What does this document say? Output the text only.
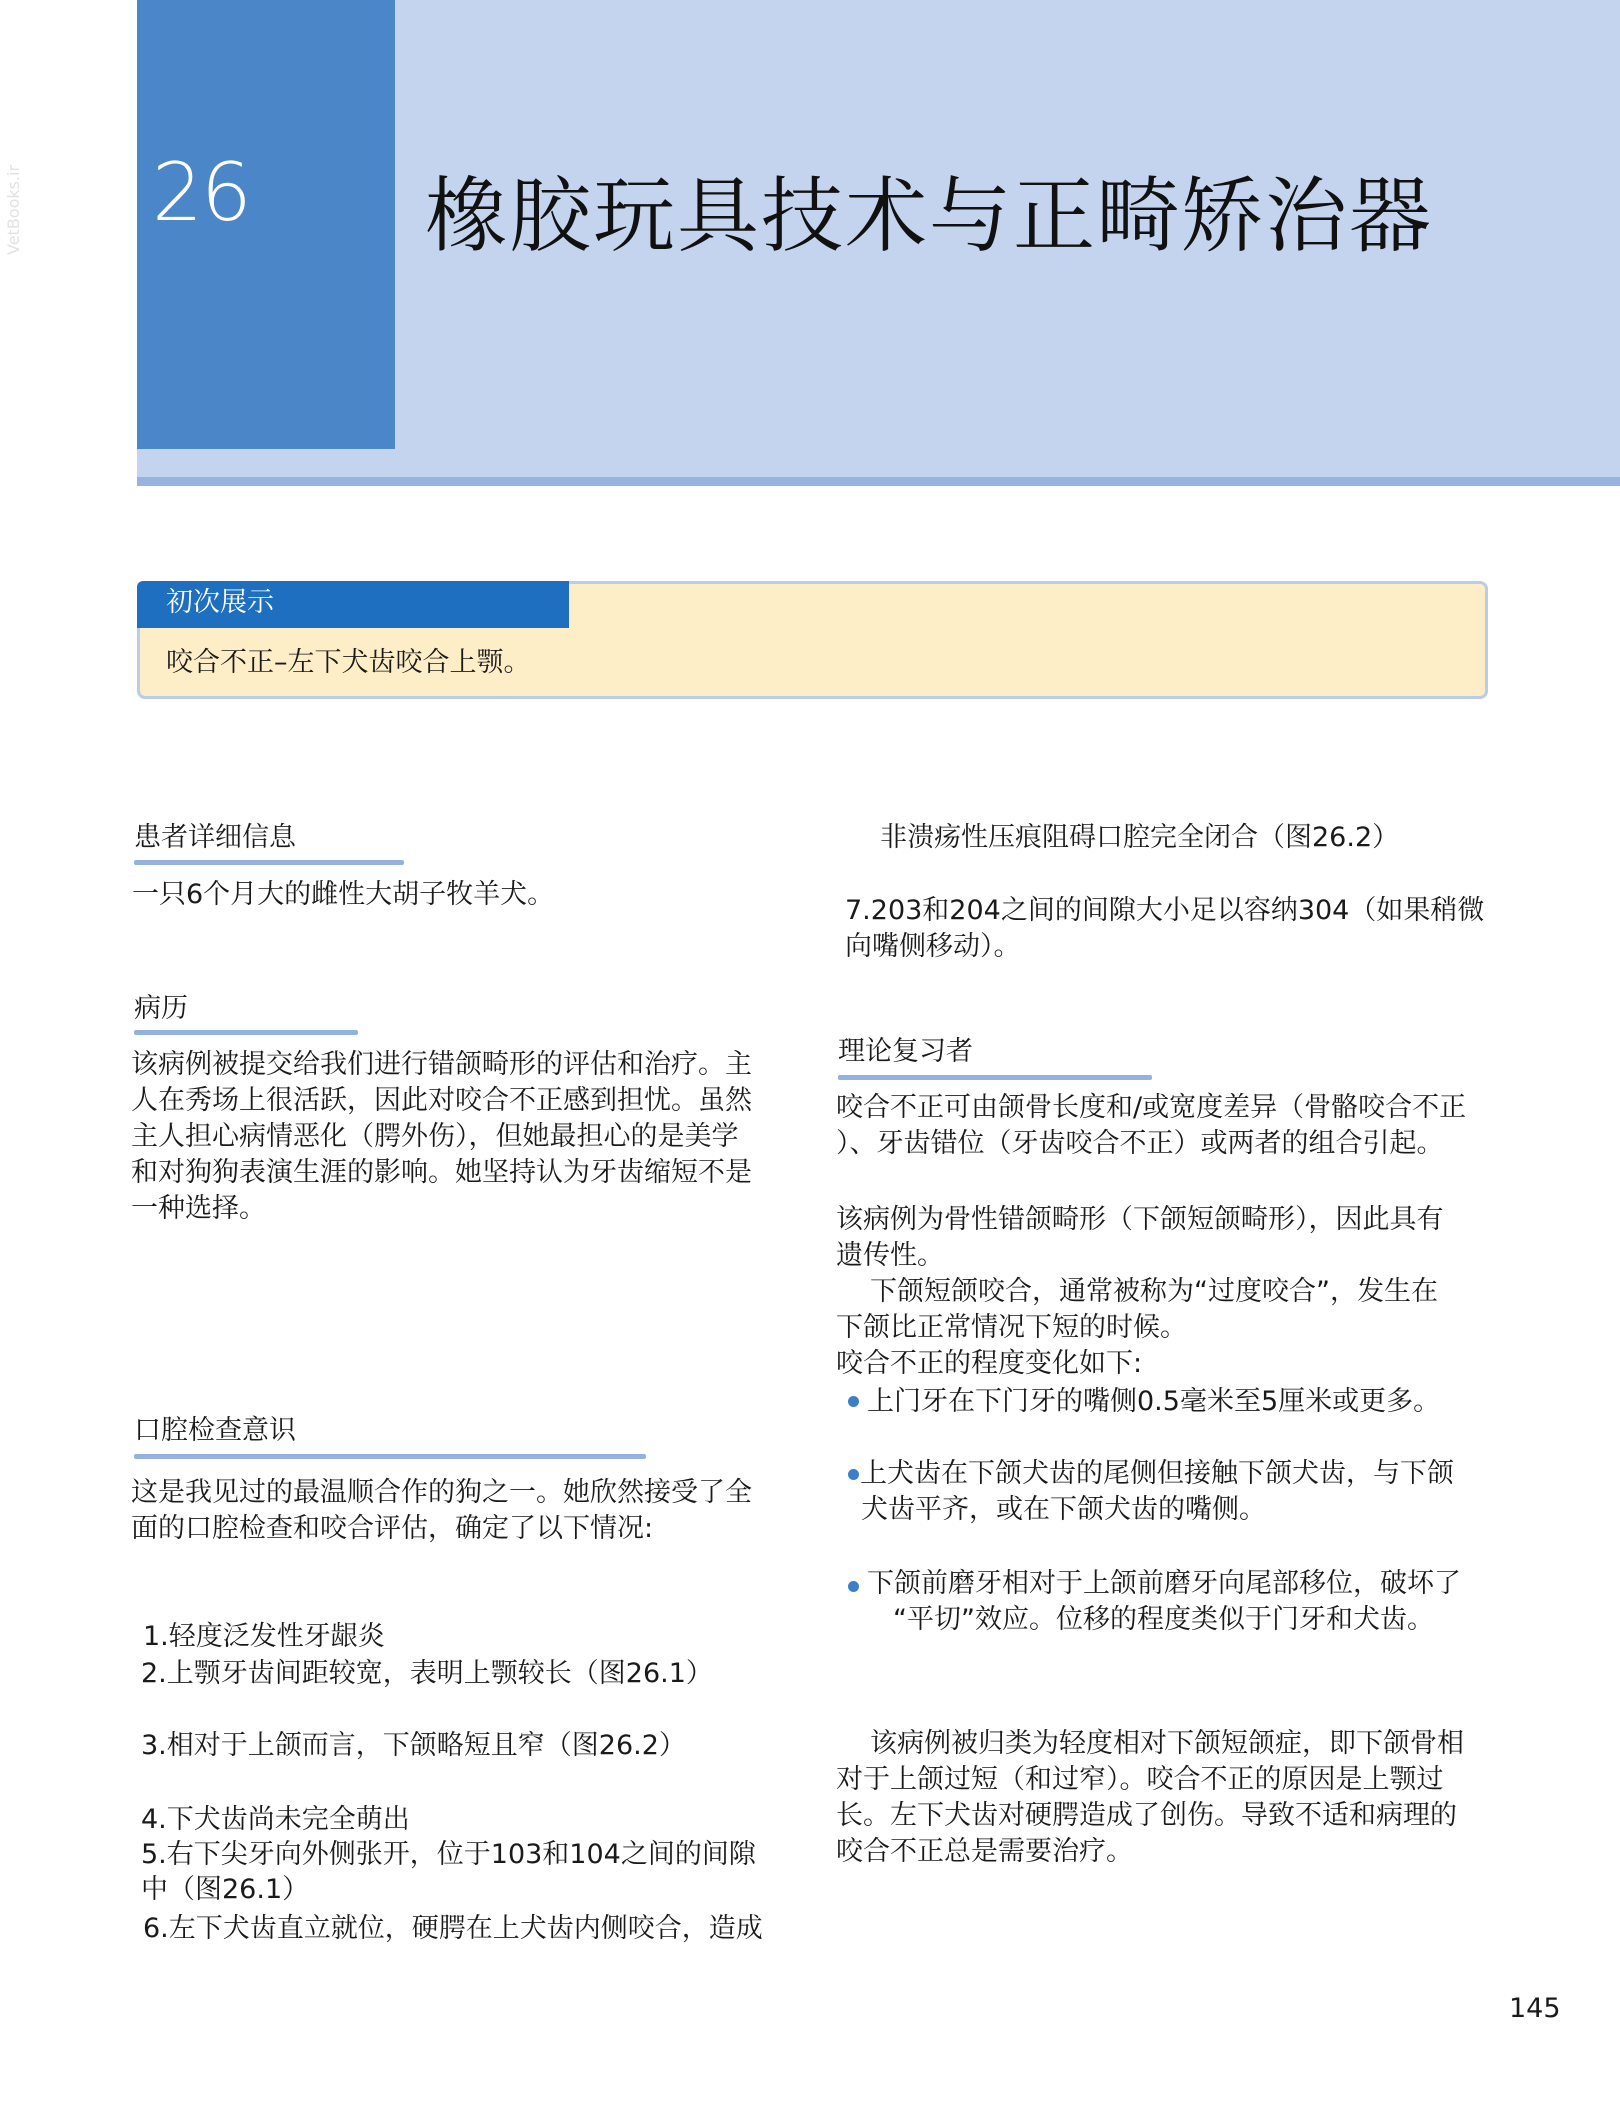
26 橡胶玩具技术与正畸矫治器
VetBooks.ir
初次展示
咬合不正–左下犬齿咬合上颚。
患者详细信息
一只6个月大的雌性大胡子牧羊犬。
病历
该病例被提交给我们进行错颌畸形的评估和治疗。主
人在秀场上很活跃，因此对咬合不正感到担忧。虽然
主人担心病情恶化（腭外伤），但她最担心的是美学
和对狗狗表演生涯的影响。她坚持认为牙齿缩短不是
一种选择。
口腔检查意识
这是我见过的最温顺合作的狗之一。她欣然接受了全
面的口腔检查和咬合评估，确定了以下情况:
1.轻度泛发性牙龈炎
2.上颚牙齿间距较宽，表明上颚较长（图26.1）
3.相对于上颌而言，下颌略短且窄（图26.2）
4.下犬齿尚未完全萌出
5.右下尖牙向外侧张开，位于103和104之间的间隙
中（图26.1）
6.左下犬齿直立就位，硬腭在上犬齿内侧咬合，造成
非溃疡性压痕阻碍口腔完全闭合（图26.2）
7.203和204之间的间隙大小足以容纳304（如果稍微
向嘴侧移动）。
理论复习者
咬合不正可由颌骨长度和/或宽度差异（骨骼咬合不正
）、牙齿错位（牙齿咬合不正）或两者的组合引起。
该病例为骨性错颌畸形（下颌短颌畸形），因此具有
遗传性。
下颌短颌咬合，通常被称为“过度咬合”，发生在
下颌比正常情况下短的时候。
咬合不正的程度变化如下:
上门牙在下门牙的嘴侧0.5毫米至5厘米或更多。
上犬齿在下颌犬齿的尾侧但接触下颌犬齿，与下颌
犬齿平齐，或在下颌犬齿的嘴侧。
下颌前磨牙相对于上颌前磨牙向尾部移位，破坏了
“平切”效应。位移的程度类似于门牙和犬齿。
该病例被归类为轻度相对下颌短颌症，即下颌骨相
对于上颌过短（和过窄）。咬合不正的原因是上颚过
长。左下犬齿对硬腭造成了创伤。导致不适和病理的
咬合不正总是需要治疗。
145
